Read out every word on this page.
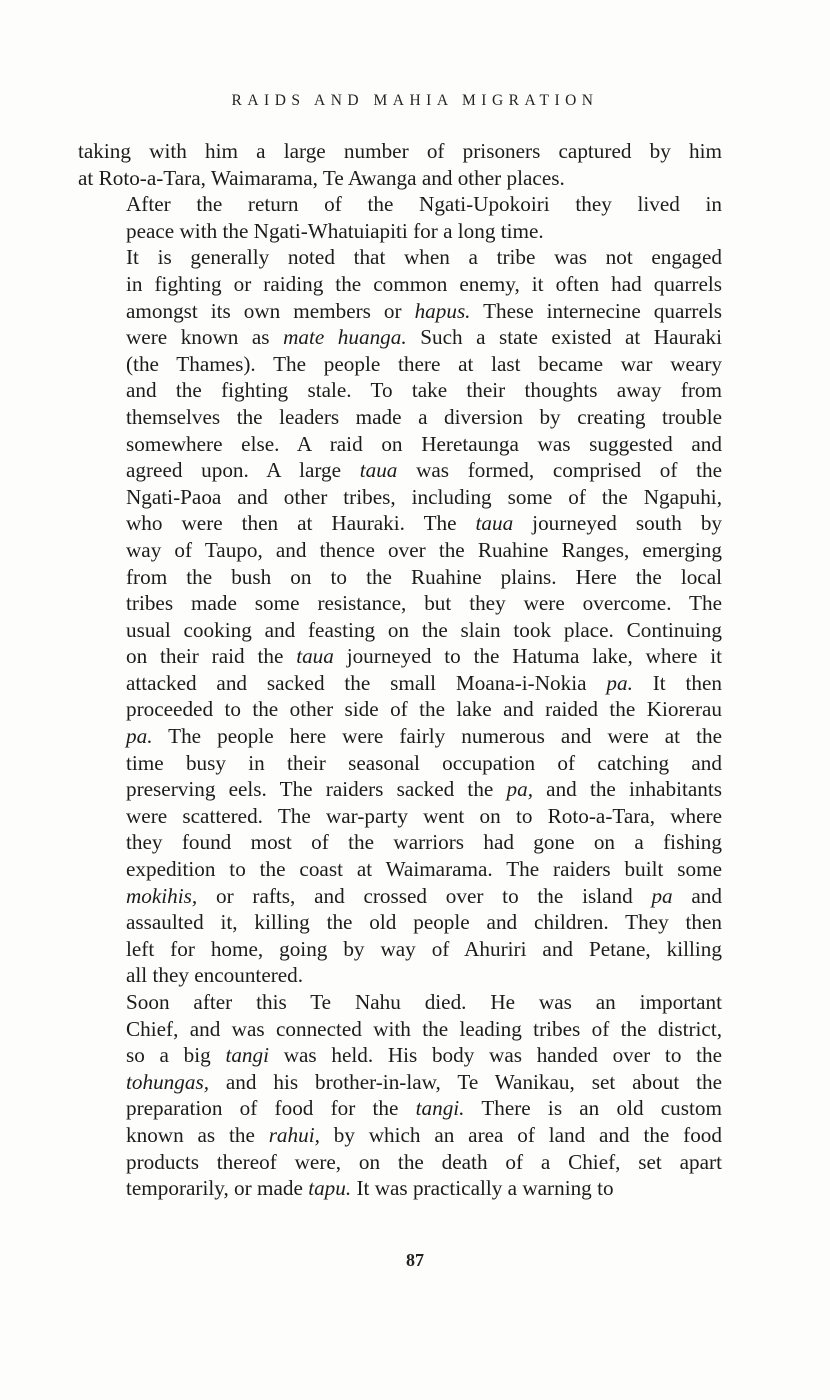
RAIDS AND MAHIA MIGRATION

taking with him a large number of prisoners captured by him
at Roto-a-Tara, Waimarama, Te Awanga and other places.

After the return of the Ngati-Upokoiri they lived in
peace with the Ngati-Whatuiapiti for a long time.

It is generally noted that when a tribe was not engaged
in fighting or raiding the common enemy, it often had quarrels
amongst its own members or hapus. These internecine quarrels
were known as mate huanga. Such a state existed at Hauraki
(the Thames). The people there at last became war weary
and the fighting stale. To take their thoughts away from
themselves the leaders made a diversion by creating trouble
somewhere else. A raid on Heretaunga was suggested and
agreed upon. A large taua was formed, comprised of the
Ngati-Paoa and other tribes, including some of the Ngapuhi,
who were then at Hauraki. The taua journeyed south by
way of Taupo, and thence over the Ruahine Ranges, emerging
from the bush on to the Ruahine plains. Here the local
tribes made some resistance, but they were overcome. The
usual cooking and feasting on the slain took place. Continuing
on their raid the taua journeyed to the Hatuma lake, where it
attacked and sacked the small Moana-i-Nokia pa. It then
proceeded to the other side of the lake and raided the Kiorerau
pa. The people here were fairly numerous and were at the
time busy in their seasonal occupation of catching and
preserving eels. The raiders sacked the pa, and the inhabitants
were scattered. The war-party went on to Roto-a-Tara, where
they found most of the warriors had gone on a fishing
expedition to the coast at Waimarama. The raiders built some
mokihis, or rafts, and crossed over to the island pa and
assaulted it, killing the old people and children. They then
left for home, going by way of Ahuriri and Petane, killing
all they encountered.

Soon after this Te Nahu died. He was an important
Chief, and was connected with the leading tribes of the district,
so a big tangi was held. His body was handed over to the
tohungas, and his brother-in-law, Te Wanikau, set about the
preparation of food for the tangi. There is an old custom
known as the rahui, by which an area of land and the food
products thereof were, on the death of a Chief, set apart
temporarily, or made tapu. It was practically a warning to

87
